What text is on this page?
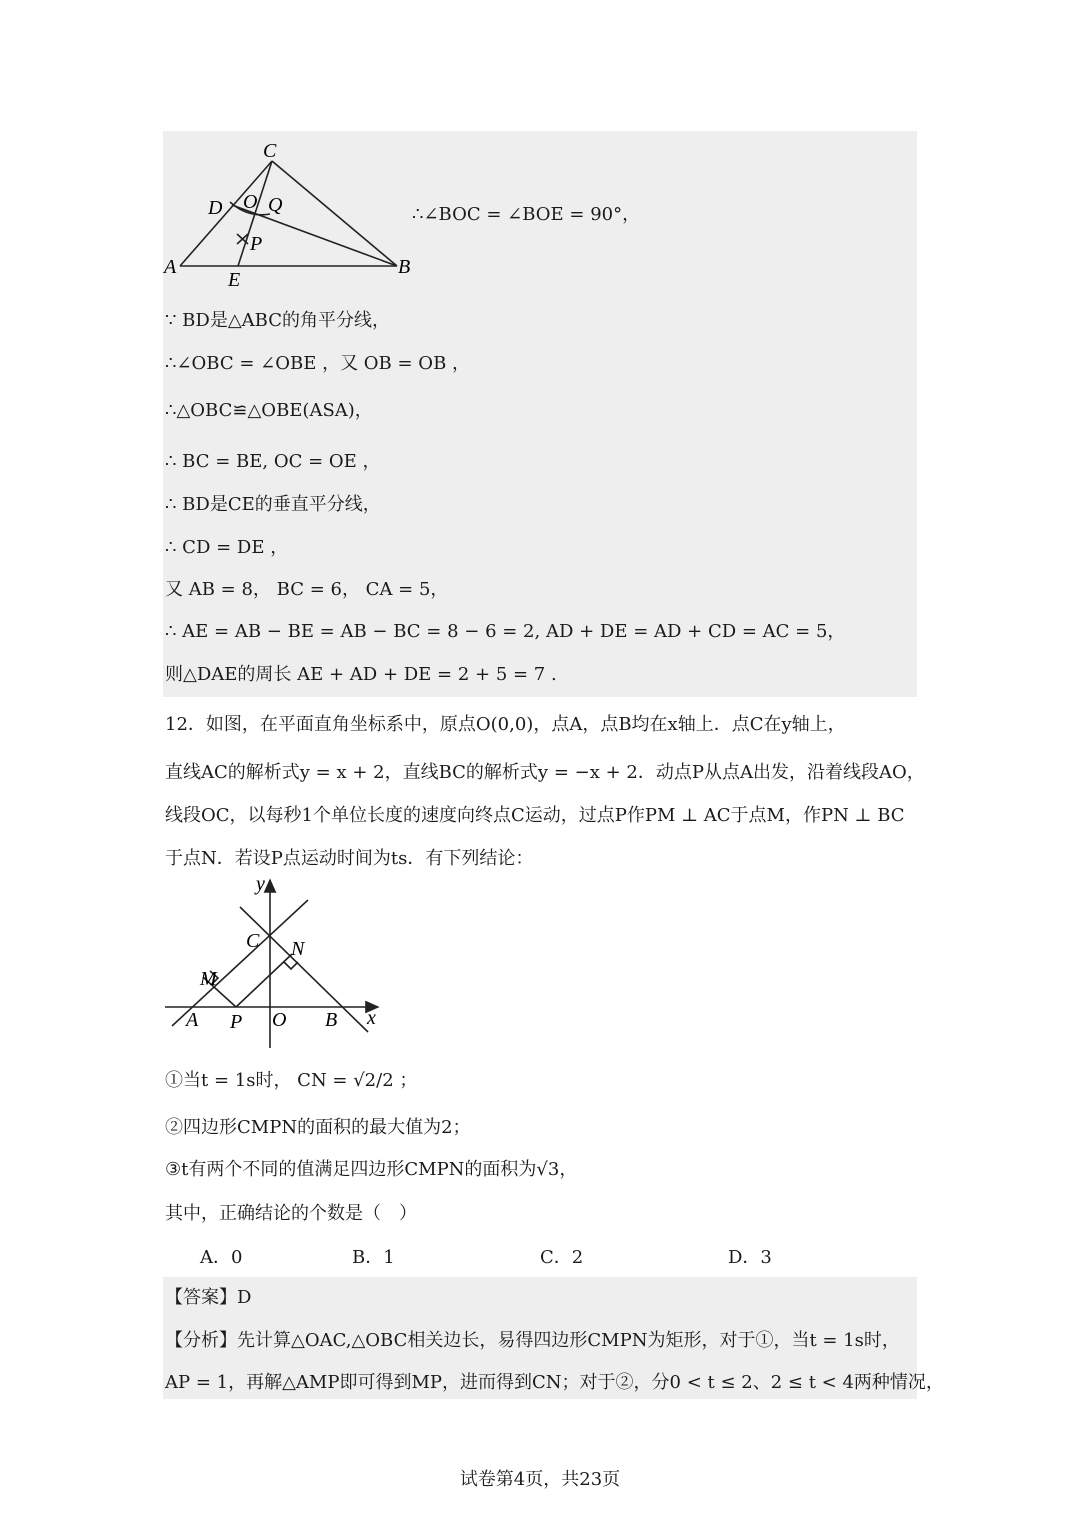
C
D O Q
P
A
E
B
∴∠BOC = ∠BOE = 90°，
∵ BD是△ABC的角平分线，
∴∠OBC = ∠OBE ，又 OB = OB ，
∴△OBC≌△OBE(ASA)，
∴ BC = BE, OC = OE ，
∴ BD是CE的垂直平分线，
∴ CD = DE ，
又 AB = 8， BC = 6， CA = 5，
∴ AE = AB − BE = AB − BC = 8 − 6 = 2, AD + DE = AD + CD = AC = 5，
则△DAE的周长 AE + AD + DE = 2 + 5 = 7 .
12．如图，在平面直角坐标系中，原点O(0,0)，点A，点B均在x轴上．点C在y轴上，
直线AC的解析式y = x + 2，直线BC的解析式y = −x + 2．动点P从点A出发，沿着线段AO，
线段OC，以每秒1个单位长度的速度向终点C运动，过点P作PM ⊥ AC于点M，作PN ⊥ BC
于点N．若设P点运动时间为ts．有下列结论：
y
C N
M
A P O B x
①当t = 1s时， CN = √2/2 ；
②四边形CMPN的面积的最大值为2；
③t有两个不同的值满足四边形CMPN的面积为√3，
其中，正确结论的个数是（　）
A．0	B．1	C．2	D．3
【答案】D
【分析】先计算△OAC,△OBC相关边长，易得四边形CMPN为矩形，对于①，当t = 1s时，
AP = 1，再解△AMP即可得到MP，进而得到CN；对于②，分0 < t ≤ 2、2 ≤ t < 4两种情况，
试卷第4页，共23页
